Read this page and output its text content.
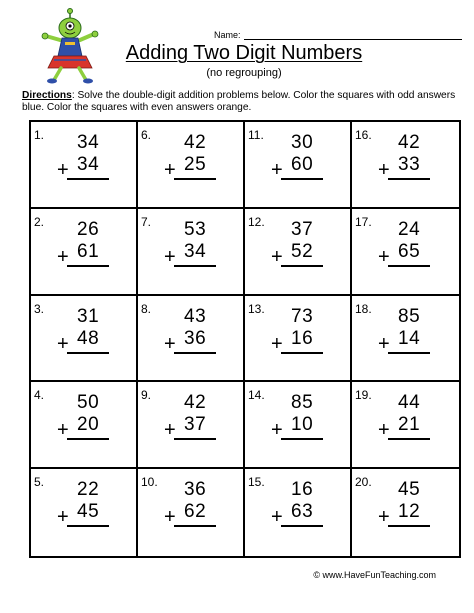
Name:
Adding Two Digit Numbers
(no regrouping)
Directions: Solve the double-digit addition problems below. Color the squares with odd answers blue. Color the squares with even answers orange.
1. 34
+ 34
6. 42
+ 25
11. 30
+ 60
16. 42
+ 33
2. 26
+ 61
7. 53
+ 34
12. 37
+ 52
17. 24
+ 65
3. 31
+ 48
8. 43
+ 36
13. 73
+ 16
18. 85
+ 14
4. 50
+ 20
9. 42
+ 37
14. 85
+ 10
19. 44
+ 21
5. 22
+ 45
10. 36
+ 62
15. 16
+ 63
20. 45
+ 12
© www.HaveFunTeaching.com
